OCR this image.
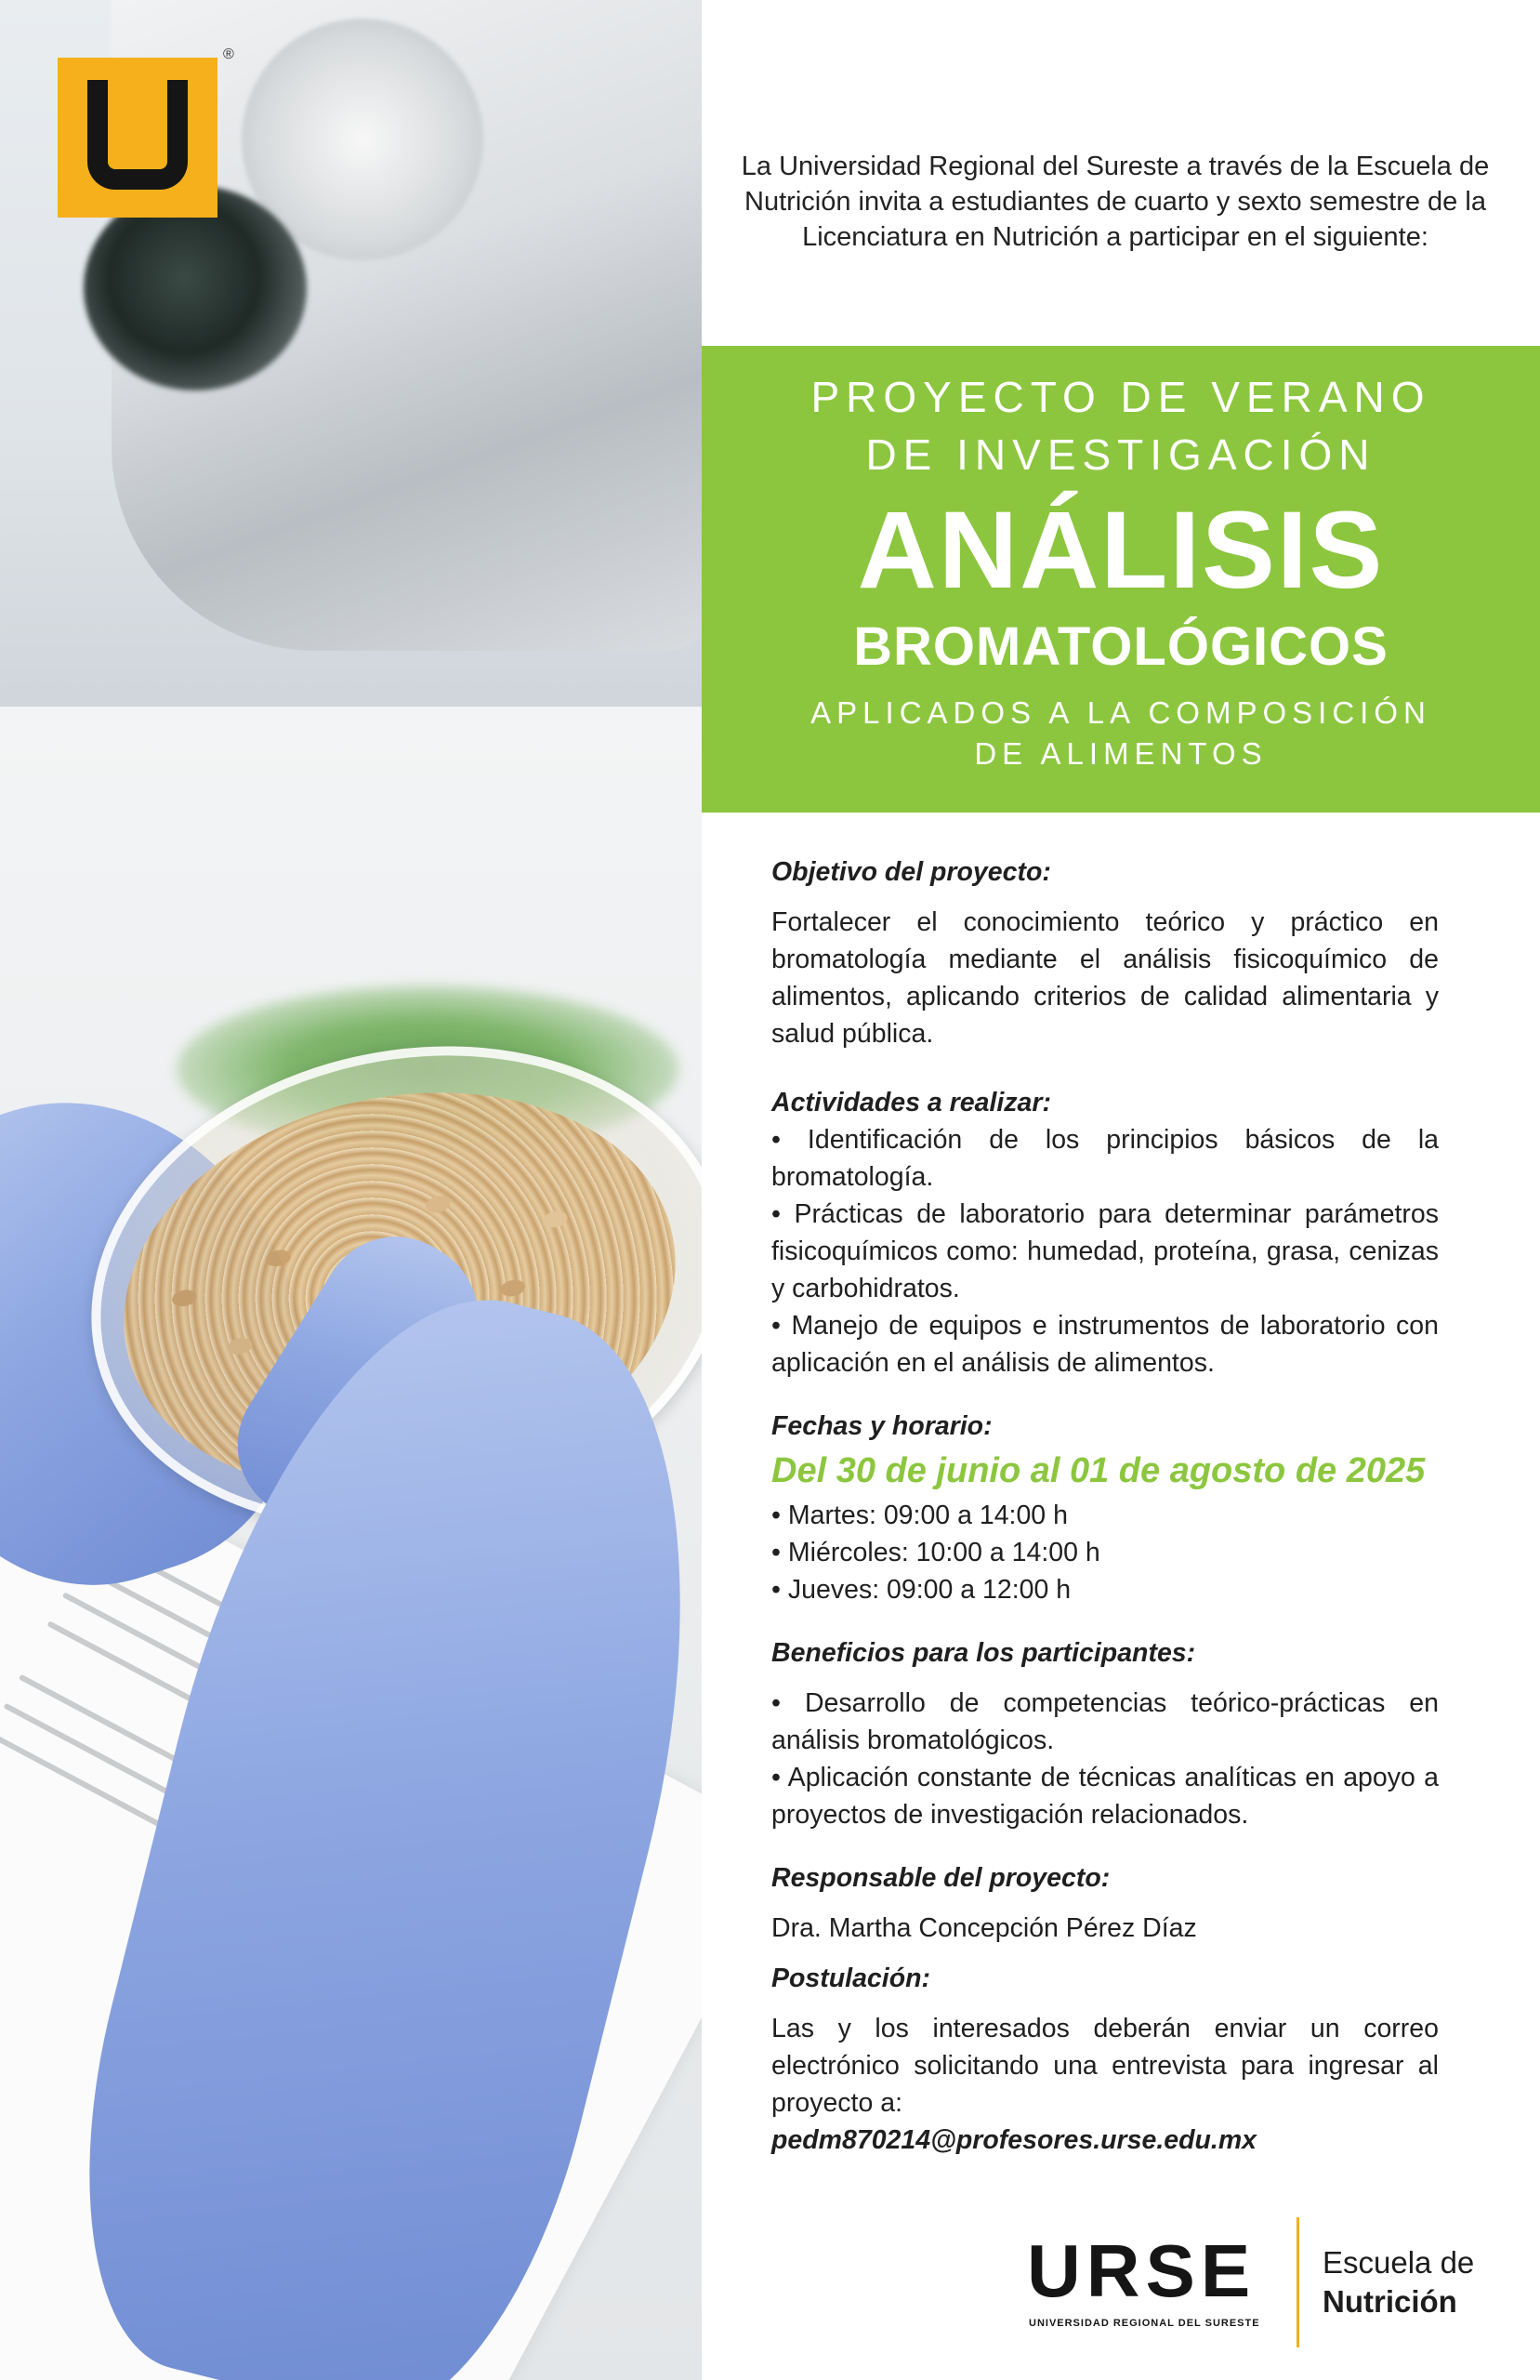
®
La Universidad Regional del Sureste a través de la Escuela de Nutrición invita a estudiantes de cuarto y sexto semestre de la Licenciatura en Nutrición a participar en el siguiente:
PROYECTO DE VERANO
DE INVESTIGACIÓN
ANÁLISIS
BROMATOLÓGICOS
APLICADOS A LA COMPOSICIÓN
DE ALIMENTOS

Objetivo del proyecto:

Fortalecer el conocimiento teórico y práctico en bromatología mediante el análisis fisicoquímico de alimentos, aplicando criterios de calidad alimentaria y salud pública.

Actividades a realizar:

• Identificación de los principios básicos de la bromatología.

• Prácticas de laboratorio para determinar parámetros fisicoquímicos como: humedad, proteína, grasa, cenizas y carbohidratos.

• Manejo de equipos e instrumentos de laboratorio con aplicación en el análisis de alimentos.

Fechas y horario:

Del 30 de junio al 01 de agosto de 2025

• Martes: 09:00 a 14:00 h

• Miércoles: 10:00 a 14:00 h

• Jueves: 09:00 a 12:00 h

Beneficios para los participantes:

• Desarrollo de competencias teórico-prácticas en análisis bromatológicos.

• Aplicación constante de técnicas analíticas en apoyo a proyectos de investigación relacionados.

Responsable del proyecto:

Dra. Martha Concepción Pérez Díaz

Postulación:

Las y los interesados deberán enviar un correo electrónico solicitando una entrevista para ingresar al proyecto a:

pedm870214@profesores.urse.edu.mx

URSE
UNIVERSIDAD REGIONAL DEL SURESTE
Escuela de
Nutrición
